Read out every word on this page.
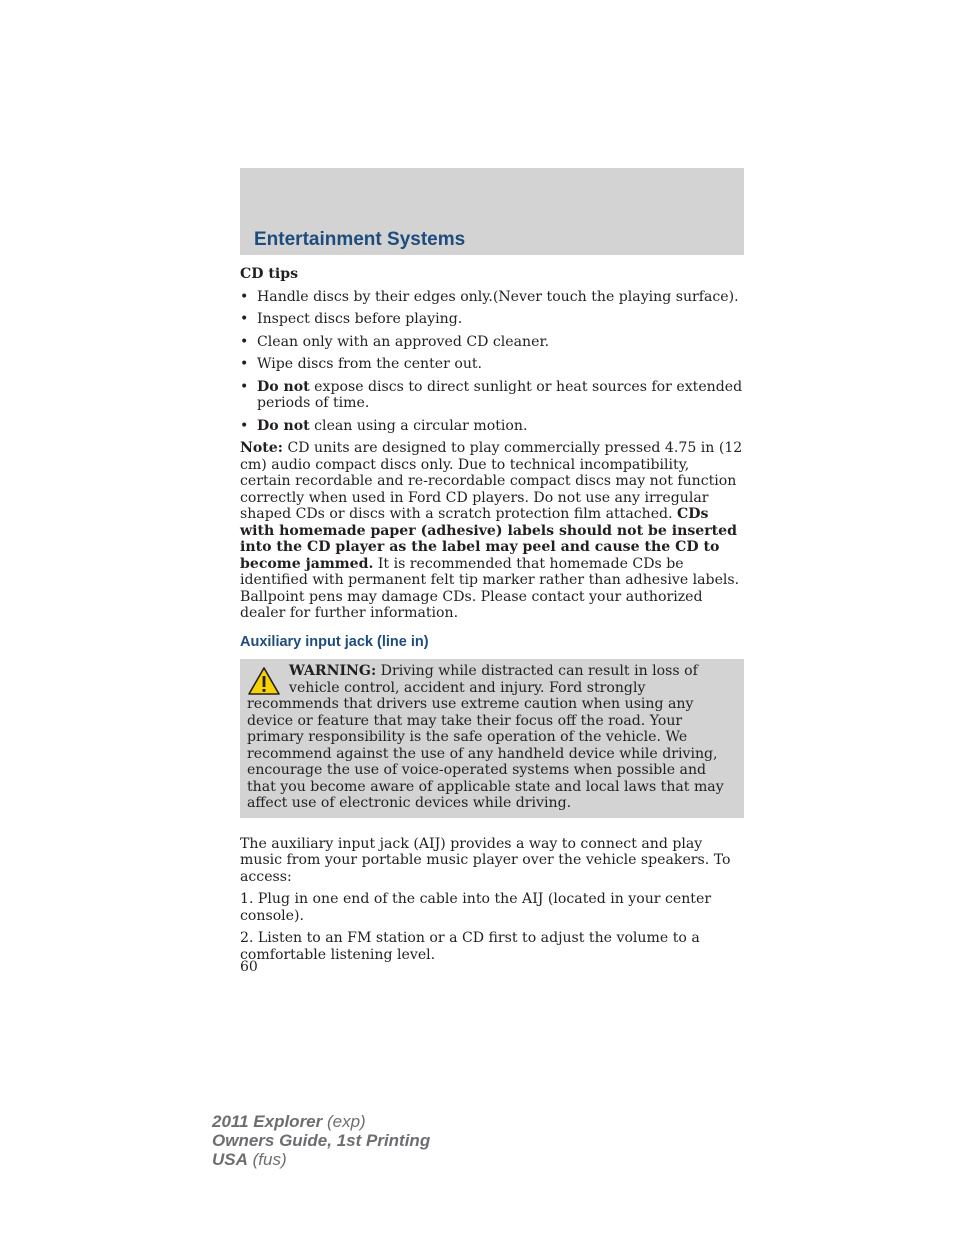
Entertainment Systems
CD tips
• Handle discs by their edges only.(Never touch the playing surface).
• Inspect discs before playing.
• Clean only with an approved CD cleaner.
• Wipe discs from the center out.
• Do not expose discs to direct sunlight or heat sources for extended periods of time.
• Do not clean using a circular motion.

Note: CD units are designed to play commercially pressed 4.75 in (12 cm) audio compact discs only. Due to technical incompatibility, certain recordable and re-recordable compact discs may not function correctly when used in Ford CD players. Do not use any irregular shaped CDs or discs with a scratch protection film attached. CDs with homemade paper (adhesive) labels should not be inserted into the CD player as the label may peel and cause the CD to become jammed. It is recommended that homemade CDs be identified with permanent felt tip marker rather than adhesive labels. Ballpoint pens may damage CDs. Please contact your authorized dealer for further information.

Auxiliary input jack (line in)
WARNING: Driving while distracted can result in loss of vehicle control, accident and injury. Ford strongly recommends that drivers use extreme caution when using any device or feature that may take their focus off the road. Your primary responsibility is the safe operation of the vehicle. We recommend against the use of any handheld device while driving, encourage the use of voice-operated systems when possible and that you become aware of applicable state and local laws that may affect use of electronic devices while driving.

The auxiliary input jack (AIJ) provides a way to connect and play music from your portable music player over the vehicle speakers. To access:

1. Plug in one end of the cable into the AIJ (located in your center console).

2. Listen to an FM station or a CD first to adjust the volume to a comfortable listening level.

60
2011 Explorer (exp)
Owners Guide, 1st Printing
USA (fus)
